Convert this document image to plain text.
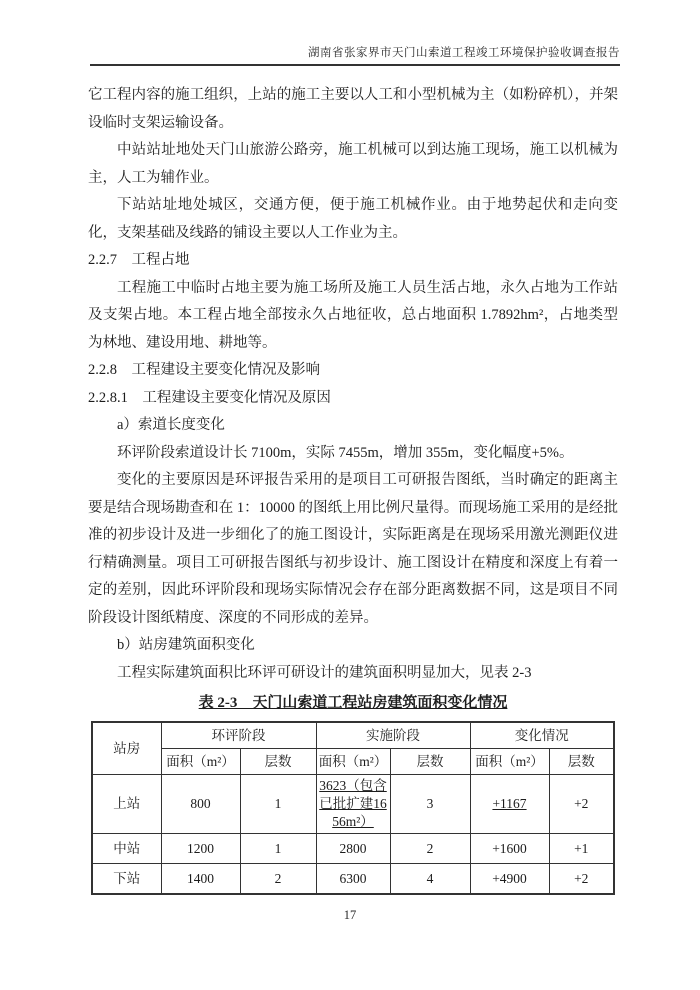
湖南省张家界市天门山索道工程竣工环境保护验收调查报告

它工程内容的施工组织，上站的施工主要以人工和小型机械为主（如粉碎机），并架设临时支架运输设备。

中站站址地处天门山旅游公路旁，施工机械可以到达施工现场，施工以机械为主，人工为辅作业。

下站站址地处城区，交通方便，便于施工机械作业。由于地势起伏和走向变化，支架基础及线路的铺设主要以人工作业为主。

2.2.7　工程占地

工程施工中临时占地主要为施工场所及施工人员生活占地，永久占地为工作站及支架占地。本工程占地全部按永久占地征收，总占地面积 1.7892hm²，占地类型为林地、建设用地、耕地等。

2.2.8　工程建设主要变化情况及影响

2.2.8.1　工程建设主要变化情况及原因

a）索道长度变化

环评阶段索道设计长 7100m，实际 7455m，增加 355m，变化幅度+5%。

变化的主要原因是环评报告采用的是项目工可研报告图纸，当时确定的距离主要是结合现场勘查和在 1：10000 的图纸上用比例尺量得。而现场施工采用的是经批准的初步设计及进一步细化了的施工图设计，实际距离是在现场采用激光测距仪进行精确测量。项目工可研报告图纸与初步设计、施工图设计在精度和深度上有着一定的差别，因此环评阶段和现场实际情况会存在部分距离数据不同，这是项目不同阶段设计图纸精度、深度的不同形成的差异。

b）站房建筑面积变化

工程实际建筑面积比环评可研设计的建筑面积明显加大，见表 2-3

表 2-3　天门山索道工程站房建筑面积变化情况
站房	环评阶段		实施阶段		变化情况	
	面积（m²）	层数	面积（m²）	层数	面积（m²）	层数
上站	800	1	3623（包含已批扩建1656m²）	3	+1167	+2
中站	1200	1	2800	2	+1600	+1
下站	1400	2	6300	4	+4900	+2
17
